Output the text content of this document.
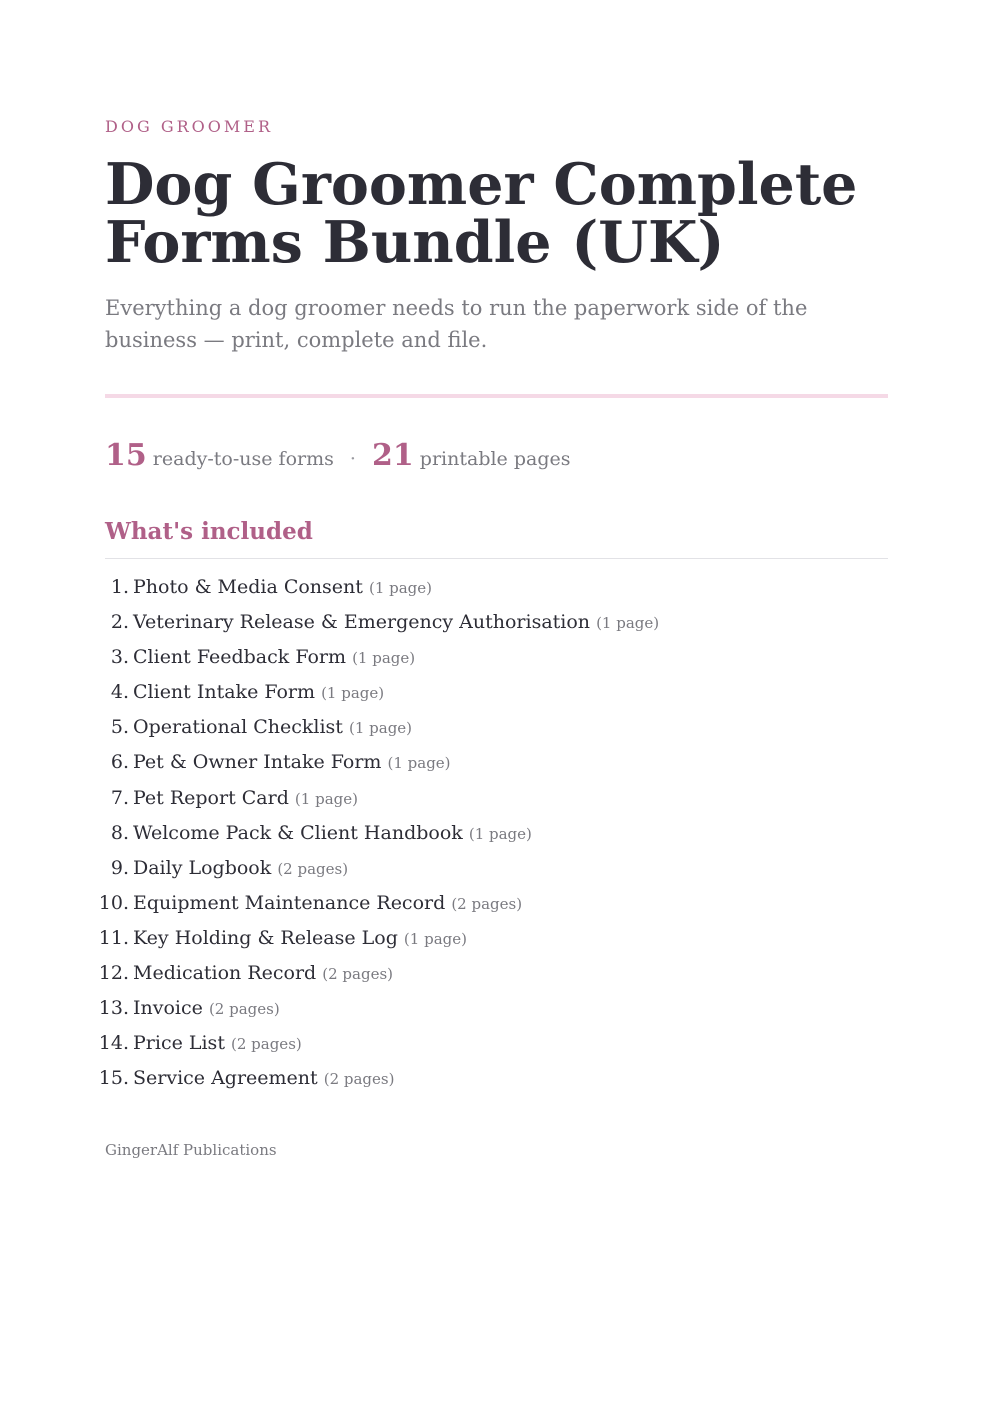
DOG GROOMER
Dog Groomer Complete Forms Bundle (UK)

Everything a dog groomer needs to run the paperwork side of the business — print, complete and file.

15 ready-to-use forms · 21 printable pages
What's included
1. Photo & Media Consent (1 page)
2. Veterinary Release & Emergency Authorisation (1 page)
3. Client Feedback Form (1 page)
4. Client Intake Form (1 page)
5. Operational Checklist (1 page)
6. Pet & Owner Intake Form (1 page)
7. Pet Report Card (1 page)
8. Welcome Pack & Client Handbook (1 page)
9. Daily Logbook (2 pages)
10. Equipment Maintenance Record (2 pages)
11. Key Holding & Release Log (1 page)
12. Medication Record (2 pages)
13. Invoice (2 pages)
14. Price List (2 pages)
15. Service Agreement (2 pages)
GingerAlf Publications
